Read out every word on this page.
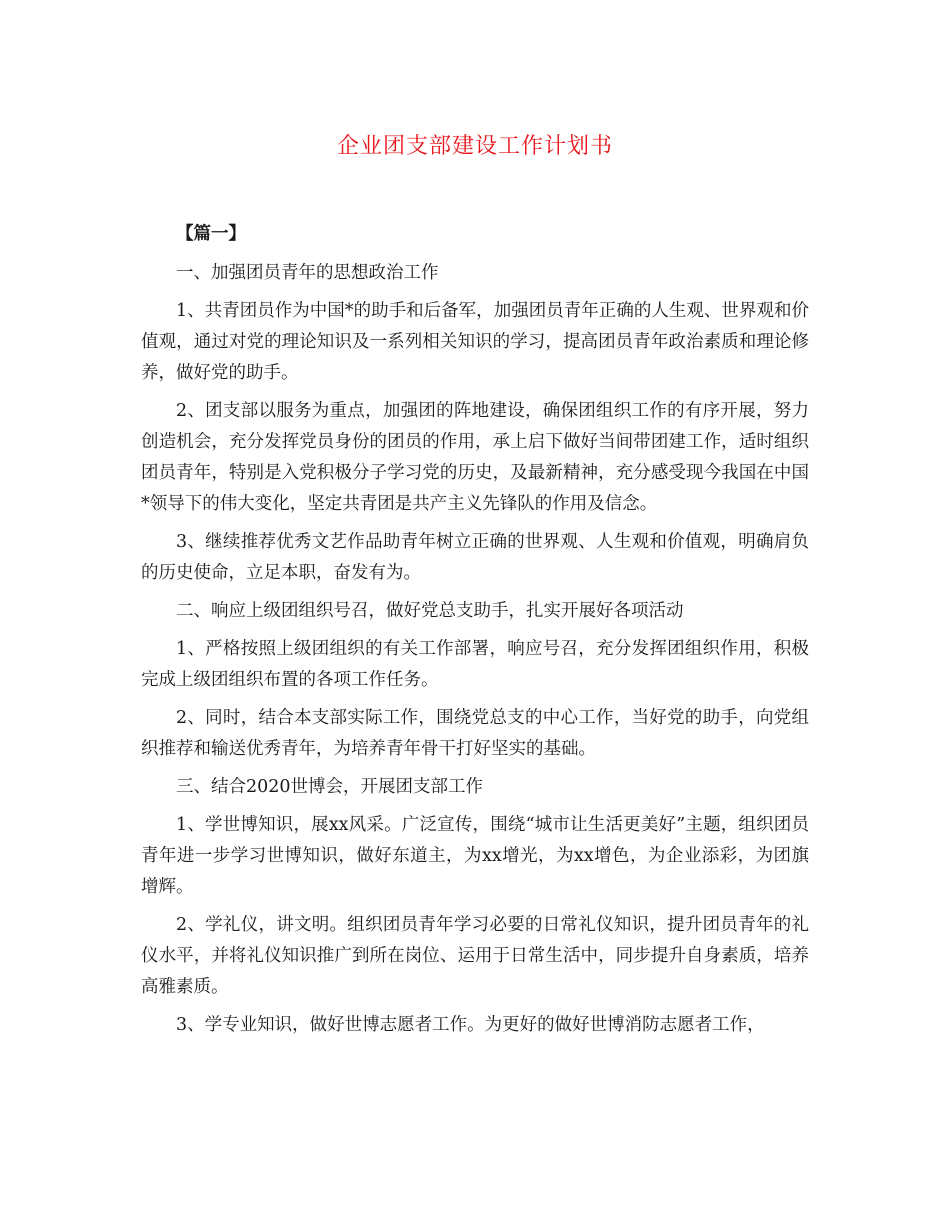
企业团支部建设工作计划书

【篇一】

一、加强团员青年的思想政治工作

1、共青团员作为中国*的助手和后备军，加强团员青年正确的人生观、世界观和价值观，通过对党的理论知识及一系列相关知识的学习，提高团员青年政治素质和理论修养，做好党的助手。

2、团支部以服务为重点，加强团的阵地建设，确保团组织工作的有序开展，努力创造机会，充分发挥党员身份的团员的作用，承上启下做好当间带团建工作，适时组织团员青年，特别是入党积极分子学习党的历史，及最新精神，充分感受现今我国在中国*领导下的伟大变化，坚定共青团是共产主义先锋队的作用及信念。

3、继续推荐优秀文艺作品助青年树立正确的世界观、人生观和价值观，明确肩负的历史使命，立足本职，奋发有为。

二、响应上级团组织号召，做好党总支助手，扎实开展好各项活动

1、严格按照上级团组织的有关工作部署，响应号召，充分发挥团组织作用，积极完成上级团组织布置的各项工作任务。

2、同时，结合本支部实际工作，围绕党总支的中心工作，当好党的助手，向党组织推荐和输送优秀青年，为培养青年骨干打好坚实的基础。

三、结合2020世博会，开展团支部工作

1、学世博知识，展xx风采。广泛宣传，围绕“城市让生活更美好”主题，组织团员青年进一步学习世博知识，做好东道主，为xx增光，为xx增色，为企业添彩，为团旗增辉。

2、学礼仪，讲文明。组织团员青年学习必要的日常礼仪知识，提升团员青年的礼仪水平，并将礼仪知识推广到所在岗位、运用于日常生活中，同步提升自身素质，培养高雅素质。

3、学专业知识，做好世博志愿者工作。为更好的做好世博消防志愿者工作，
